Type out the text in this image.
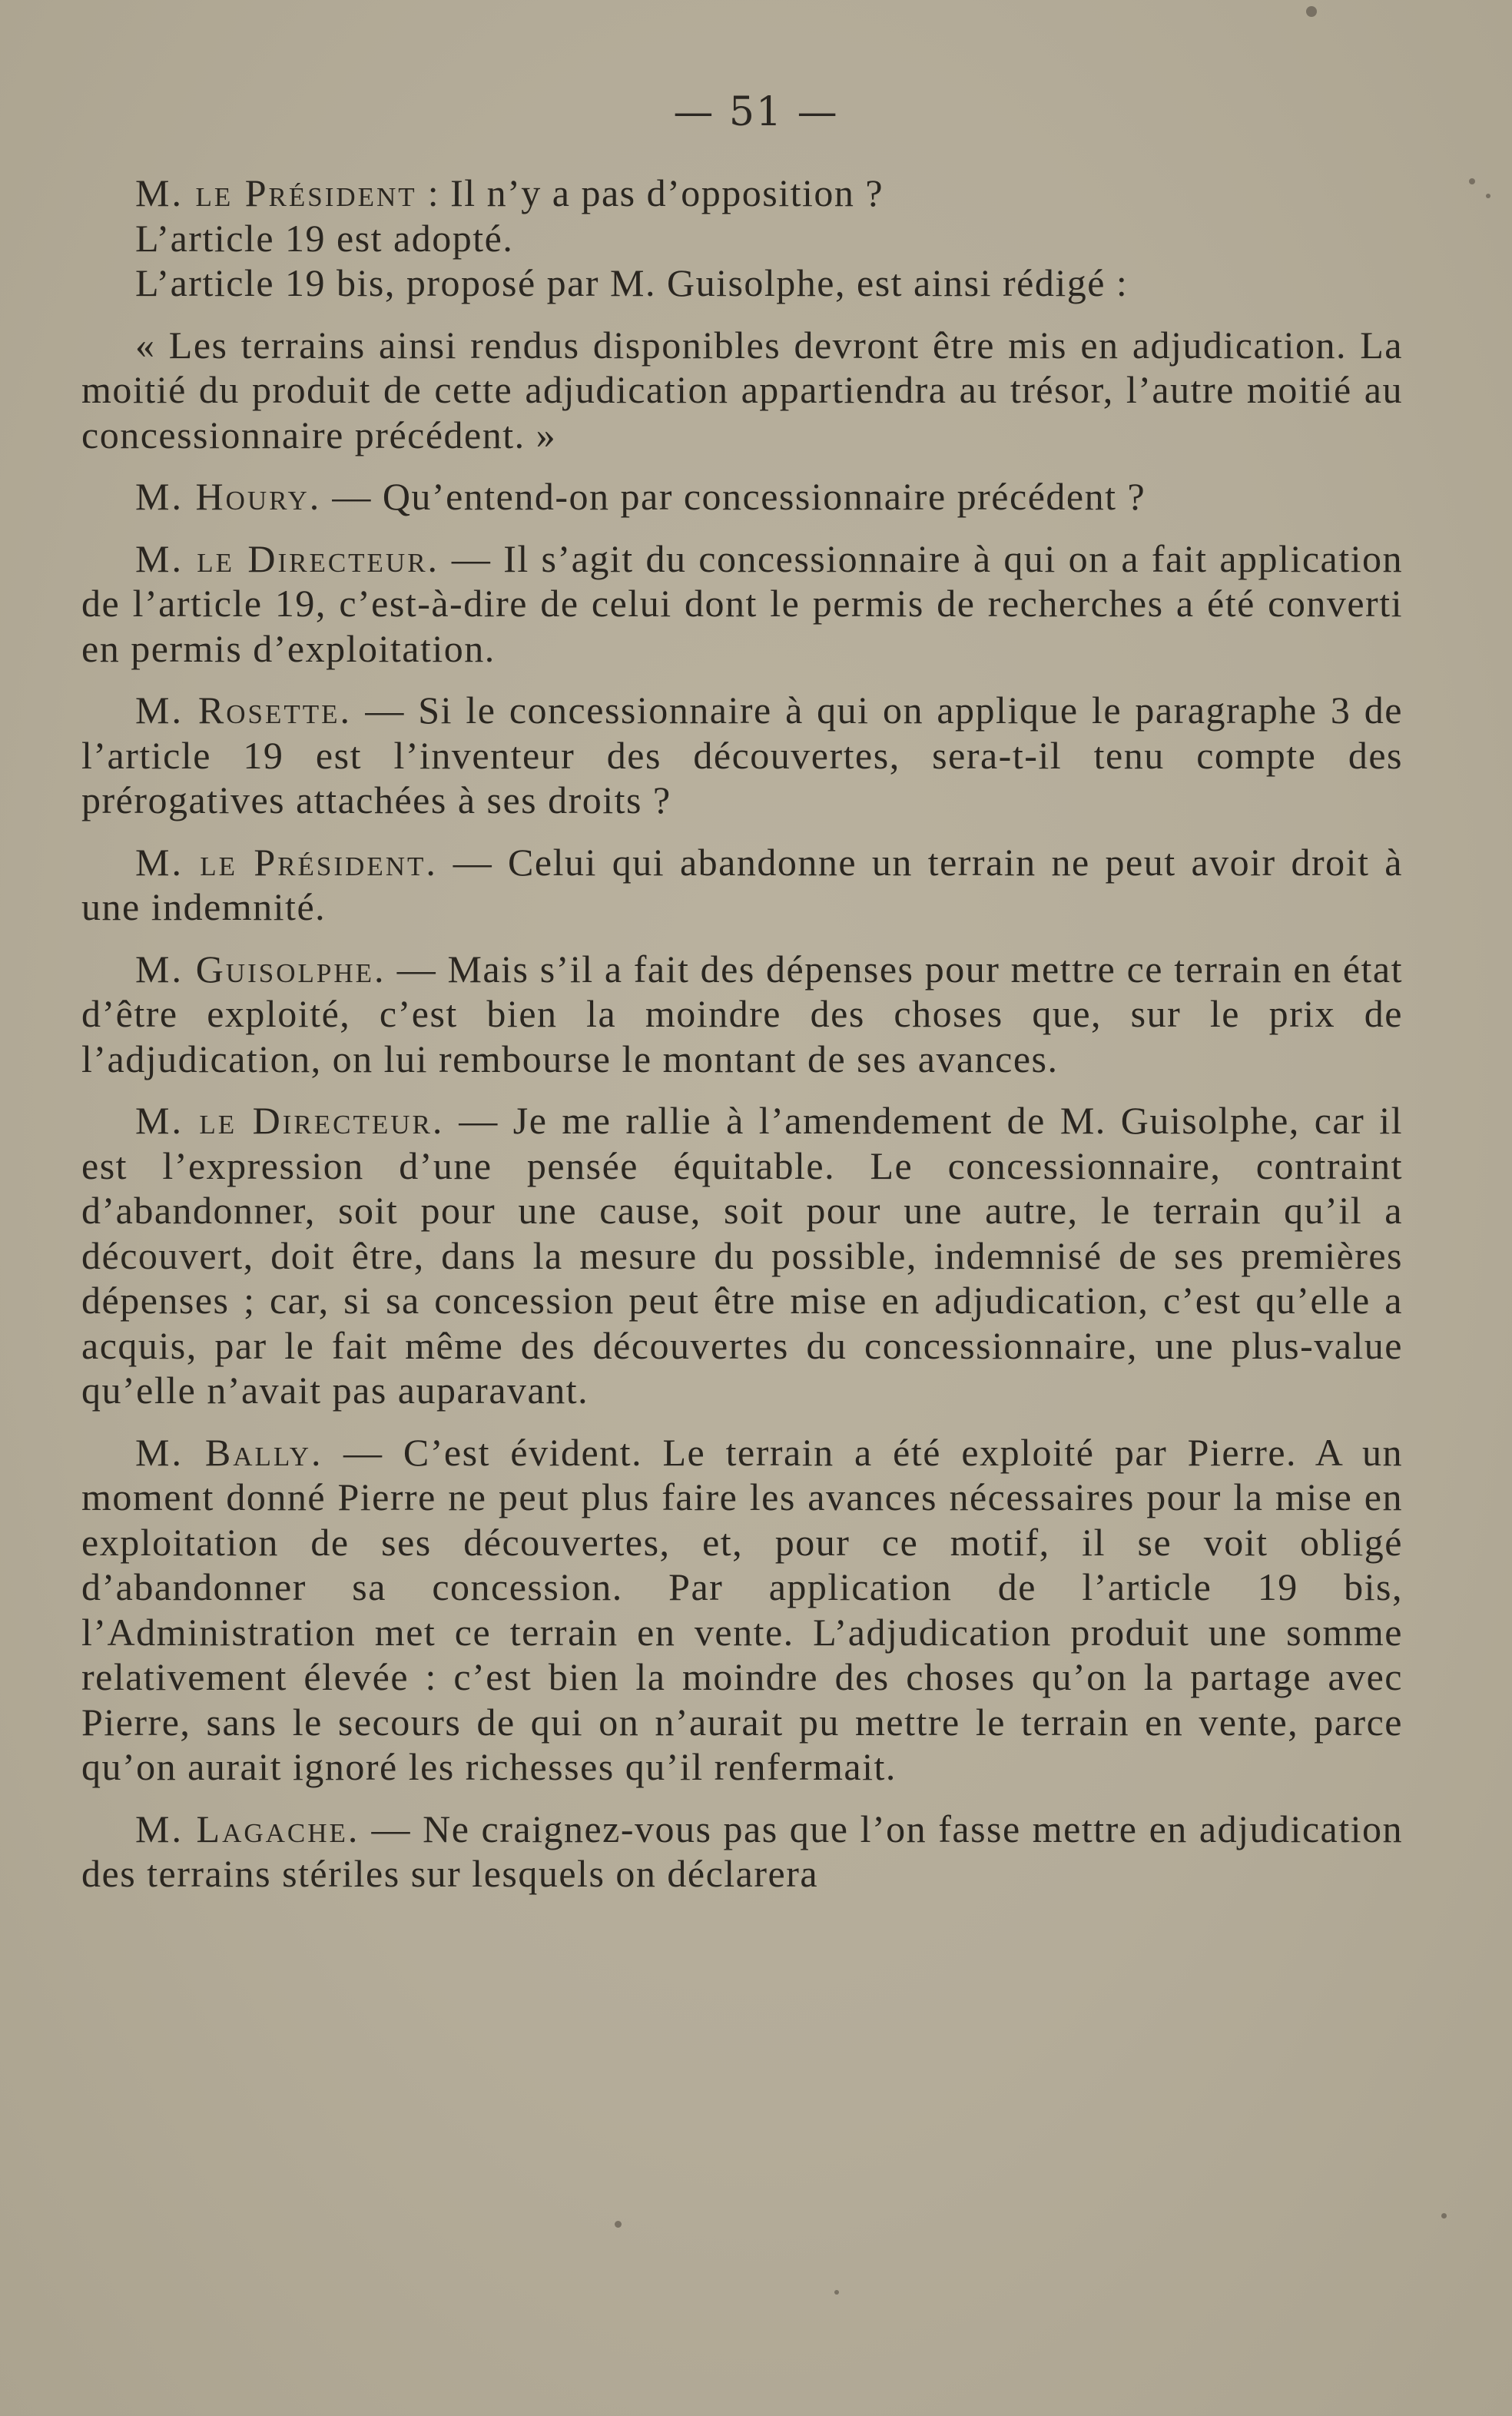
— 51 —

M. le Président : Il n’y a pas d’opposition ?

L’article 19 est adopté.

L’article 19 bis, proposé par M. Guisolphe, est ainsi rédigé :

« Les terrains ainsi rendus disponibles devront être mis en adjudication. La moitié du produit de cette adjudication appartiendra au trésor, l’autre moitié au concessionnaire précédent. »

M. Houry. — Qu’entend-on par concessionnaire précédent ?

M. le Directeur. — Il s’agit du concessionnaire à qui on a fait application de l’article 19, c’est-à-dire de celui dont le permis de recherches a été converti en permis d’exploitation.

M. Rosette. — Si le concessionnaire à qui on applique le paragraphe 3 de l’article 19 est l’inventeur des découvertes, sera-t-il tenu compte des prérogatives attachées à ses droits ?

M. le Président. — Celui qui abandonne un terrain ne peut avoir droit à une indemnité.

M. Guisolphe. — Mais s’il a fait des dépenses pour mettre ce terrain en état d’être exploité, c’est bien la moindre des choses que, sur le prix de l’adjudication, on lui rembourse le montant de ses avances.

M. le Directeur. — Je me rallie à l’amendement de M. Guisolphe, car il est l’expression d’une pensée équitable. Le concessionnaire, contraint d’abandonner, soit pour une cause, soit pour une autre, le terrain qu’il a découvert, doit être, dans la mesure du possible, indemnisé de ses premières dépenses ; car, si sa concession peut être mise en adjudication, c’est qu’elle a acquis, par le fait même des découvertes du concessionnaire, une plus-value qu’elle n’avait pas auparavant.

M. Bally. — C’est évident. Le terrain a été exploité par Pierre. A un moment donné Pierre ne peut plus faire les avances nécessaires pour la mise en exploitation de ses découvertes, et, pour ce motif, il se voit obligé d’abandonner sa concession. Par application de l’article 19 bis, l’Administration met ce terrain en vente. L’adjudication produit une somme relativement élevée : c’est bien la moindre des choses qu’on la partage avec Pierre, sans le secours de qui on n’aurait pu mettre le terrain en vente, parce qu’on aurait ignoré les richesses qu’il renfermait.

M. Lagache. — Ne craignez-vous pas que l’on fasse mettre en adjudication des terrains stériles sur lesquels on déclarera
